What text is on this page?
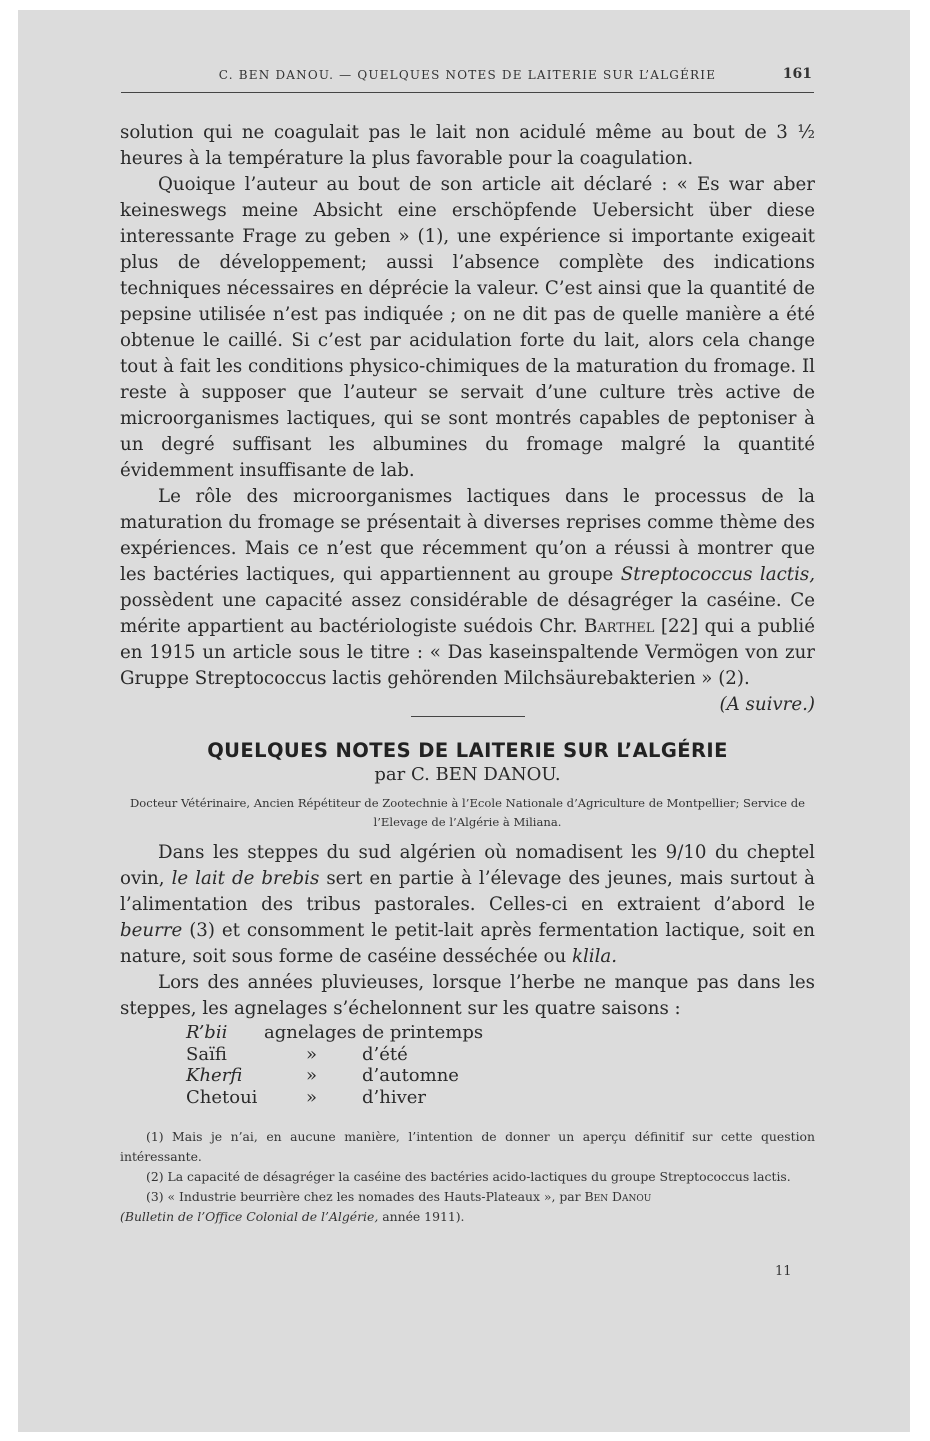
C. BEN DANOU. — QUELQUES NOTES DE LAITERIE SUR L’ALGÉRIE	161

solution qui ne coagulait pas le lait non acidulé même au bout de 3 ½ heures à la température la plus favorable pour la coagulation.

Quoique l’auteur au bout de son article ait déclaré : « Es war aber keineswegs meine Absicht eine erschöpfende Uebersicht über diese interessante Frage zu geben » (1), une expérience si importante exigeait plus de développement; aussi l’absence complète des indications techniques nécessaires en déprécie la valeur. C’est ainsi que la quantité de pepsine utilisée n’est pas indiquée ; on ne dit pas de quelle manière a été obtenue le caillé. Si c’est par acidulation forte du lait, alors cela change tout à fait les conditions physico-chimiques de la maturation du fromage. Il reste à supposer que l’auteur se servait d’une culture très active de microorganismes lactiques, qui se sont montrés capables de peptoniser à un degré suffisant les albumines du fromage malgré la quantité évidemment insuffisante de lab.

Le rôle des microorganismes lactiques dans le processus de la maturation du fromage se présentait à diverses reprises comme thème des expériences. Mais ce n’est que récemment qu’on a réussi à montrer que les bactéries lactiques, qui appartiennent au groupe Streptococcus lactis, possèdent une capacité assez considérable de désagréger la caséine. Ce mérite appartient au bactériologiste suédois Chr. Barthel [22] qui a publié en 1915 un article sous le titre : « Das kaseinspaltende Vermögen von zur Gruppe Streptococcus lactis gehörenden Milchsäurebakterien » (2).
(A suivre.)

QUELQUES NOTES DE LAITERIE SUR L’ALGÉRIE
par C. BEN DANOU.
Docteur Vétérinaire, Ancien Répétiteur de Zootechnie à l’Ecole Nationale d’Agriculture de Montpellier; Service de l’Elevage de l’Algérie à Miliana.

Dans les steppes du sud algérien où nomadisent les 9/10 du cheptel ovin, le lait de brebis sert en partie à l’élevage des jeunes, mais surtout à l’alimentation des tribus pastorales. Celles-ci en extraient d’abord le beurre (3) et consomment le petit-lait après fermentation lactique, soit en nature, soit sous forme de caséine desséchée ou klila.

Lors des années pluvieuses, lorsque l’herbe ne manque pas dans les steppes, les agnelages s’échelonnent sur les quatre saisons :

R’bii agnelages de printemps
Saïfi	» d’été
Kherfi	» d’automne
Chetoui	» d’hiver

(1) Mais je n’ai, en aucune manière, l’intention de donner un aperçu définitif sur cette question intéressante.

(2) La capacité de désagréger la caséine des bactéries acido-lactiques du groupe Streptococcus lactis.

(3) « Industrie beurrière chez les nomades des Hauts-Plateaux », par Ben Danou
(Bulletin de l’Office Colonial de l’Algérie, année 1911).

11
